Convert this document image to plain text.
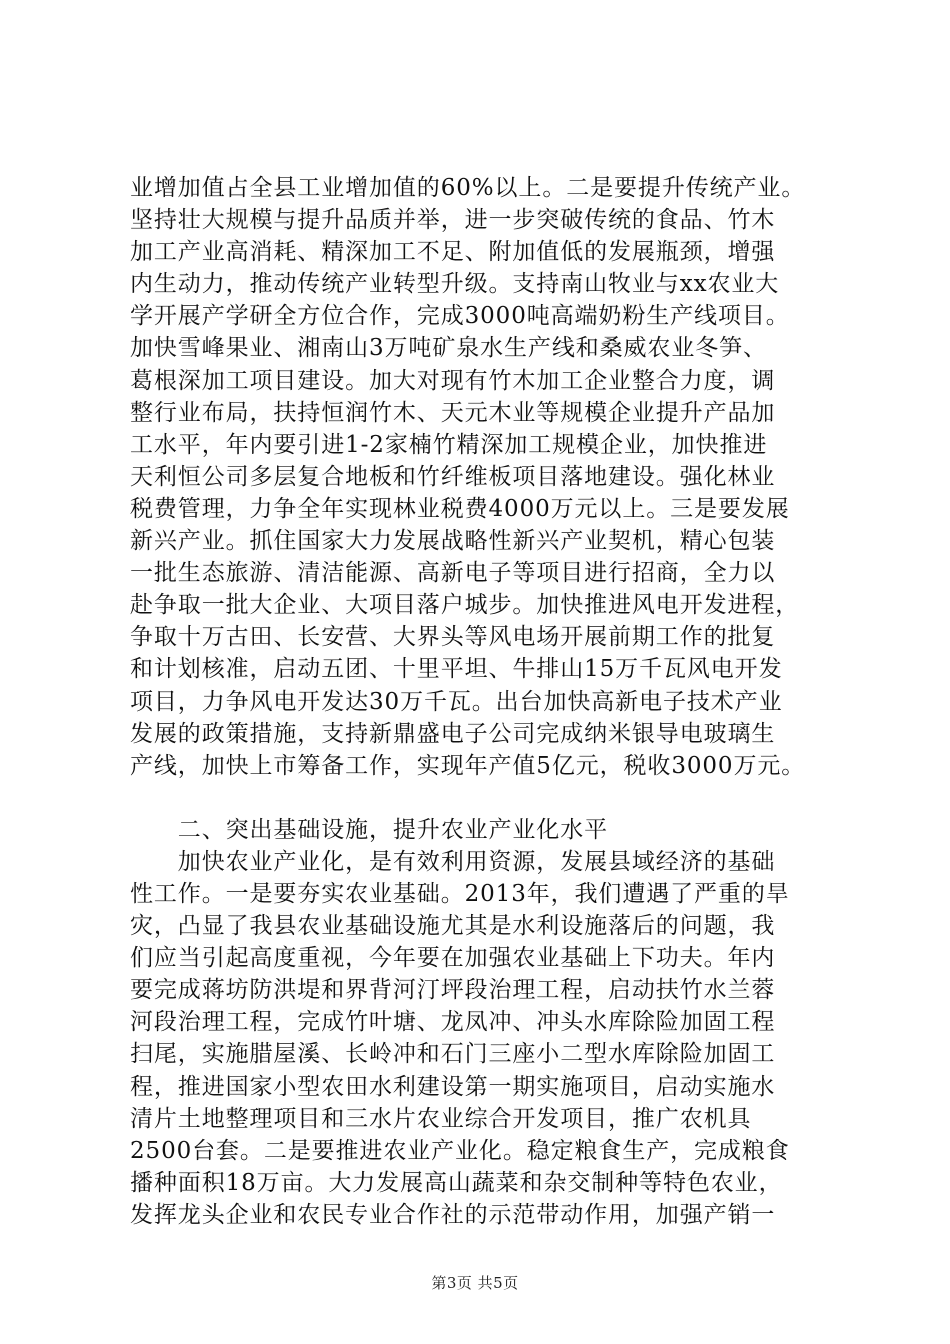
业增加值占全县工业增加值的60%以上。二是要提升传统产业。
坚持壮大规模与提升品质并举，进一步突破传统的食品、竹木
加工产业高消耗、精深加工不足、附加值低的发展瓶颈，增强
内生动力，推动传统产业转型升级。支持南山牧业与xx农业大
学开展产学研全方位合作，完成3000吨高端奶粉生产线项目。
加快雪峰果业、湘南山3万吨矿泉水生产线和桑威农业冬笋、
葛根深加工项目建设。加大对现有竹木加工企业整合力度，调
整行业布局，扶持恒润竹木、天元木业等规模企业提升产品加
工水平，年内要引进1-2家楠竹精深加工规模企业，加快推进
天利恒公司多层复合地板和竹纤维板项目落地建设。强化林业
税费管理，力争全年实现林业税费4000万元以上。三是要发展
新兴产业。抓住国家大力发展战略性新兴产业契机，精心包装
一批生态旅游、清洁能源、高新电子等项目进行招商，全力以
赴争取一批大企业、大项目落户城步。加快推进风电开发进程，
争取十万古田、长安营、大界头等风电场开展前期工作的批复
和计划核准，启动五团、十里平坦、牛排山15万千瓦风电开发
项目，力争风电开发达30万千瓦。出台加快高新电子技术产业
发展的政策措施，支持新鼎盛电子公司完成纳米银导电玻璃生
产线，加快上市筹备工作，实现年产值5亿元，税收3000万元。
　　二、突出基础设施，提升农业产业化水平
　　加快农业产业化，是有效利用资源，发展县域经济的基础
性工作。一是要夯实农业基础。2013年，我们遭遇了严重的旱
灾，凸显了我县农业基础设施尤其是水利设施落后的问题，我
们应当引起高度重视，今年要在加强农业基础上下功夫。年内
要完成蒋坊防洪堤和界背河汀坪段治理工程，启动扶竹水兰蓉
河段治理工程，完成竹叶塘、龙凤冲、冲头水库除险加固工程
扫尾，实施腊屋溪、长岭冲和石门三座小二型水库除险加固工
程，推进国家小型农田水利建设第一期实施项目，启动实施水
清片土地整理项目和三水片农业综合开发项目，推广农机具
2500台套。二是要推进农业产业化。稳定粮食生产，完成粮食
播种面积18万亩。大力发展高山蔬菜和杂交制种等特色农业，
发挥龙头企业和农民专业合作社的示范带动作用，加强产销一
第3页 共5页
